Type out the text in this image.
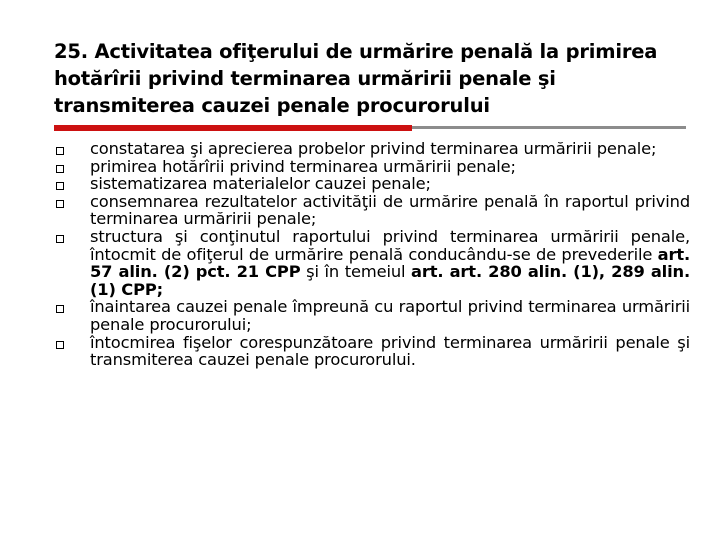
25. Activitatea ofiţerului de urmărire penală la primirea hotărîrii privind terminarea urmăririi penale şi transmiterea cauzei penale procurorului
constatarea şi aprecierea probelor privind terminarea urmăririi penale;
primirea hotărîrii privind terminarea urmăririi penale;
sistematizarea materialelor cauzei penale;
consemnarea rezultatelor activităţii de urmărire penală în raportul privind terminarea urmăririi penale;
structura şi conţinutul raportului privind terminarea urmăririi penale, întocmit de ofiţerul de urmărire penală conducându-se de prevederile art. 57 alin. (2) pct. 21 CPP şi în temeiul art. art. 280 alin. (1), 289 alin. (1) CPP;
înaintarea cauzei penale împreună cu raportul privind terminarea urmăririi penale procurorului;
întocmirea fişelor corespunzătoare privind terminarea urmăririi penale şi transmiterea cauzei penale procurorului.
